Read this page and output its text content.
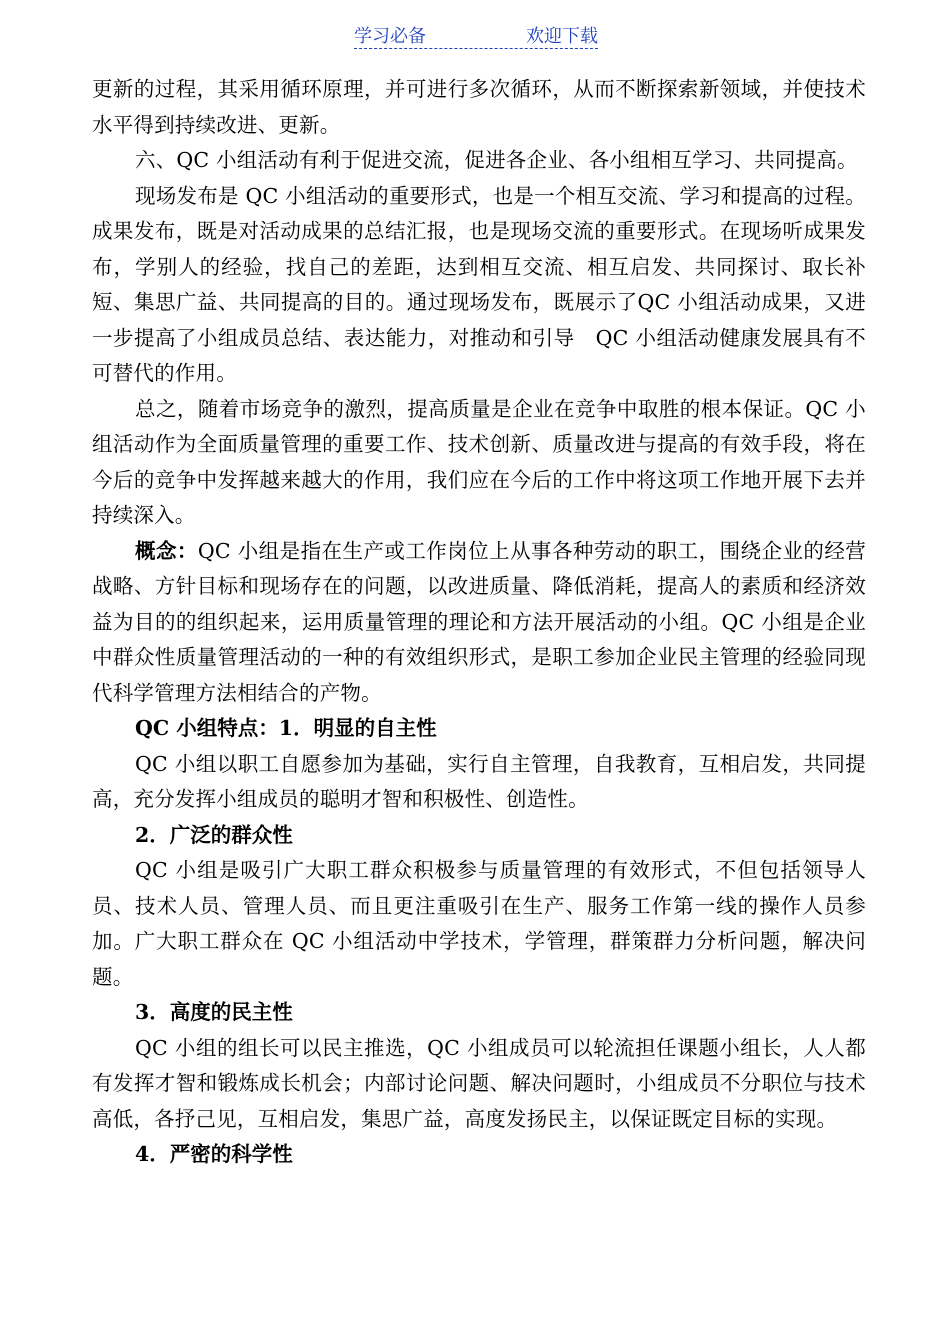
学习必备	欢迎下载

更新的过程，其采用循环原理，并可进行多次循环，从而不断探索新领域，并使技术水平得到持续改进、更新。

六、QC 小组活动有利于促进交流，促进各企业、各小组相互学习、共同提高。

现场发布是 QC 小组活动的重要形式，也是一个相互交流、学习和提高的过程。成果发布，既是对活动成果的总结汇报，也是现场交流的重要形式。在现场听成果发布，学别人的经验，找自己的差距，达到相互交流、相互启发、共同探讨、取长补短、集思广益、共同提高的目的。通过现场发布，既展示了QC 小组活动成果，又进一步提高了小组成员总结、表达能力，对推动和引导　QC 小组活动健康发展具有不可替代的作用。

总之，随着市场竞争的激烈，提高质量是企业在竞争中取胜的根本保证。QC 小组活动作为全面质量管理的重要工作、技术创新、质量改进与提高的有效手段，将在今后的竞争中发挥越来越大的作用，我们应在今后的工作中将这项工作地开展下去并持续深入。

概念：QC 小组是指在生产或工作岗位上从事各种劳动的职工，围绕企业的经营战略、方针目标和现场存在的问题，以改进质量、降低消耗，提高人的素质和经济效益为目的的组织起来，运用质量管理的理论和方法开展活动的小组。QC 小组是企业中群众性质量管理活动的一种的有效组织形式，是职工参加企业民主管理的经验同现代科学管理方法相结合的产物。

QC 小组特点：1．明显的自主性

QC 小组以职工自愿参加为基础，实行自主管理，自我教育，互相启发，共同提高，充分发挥小组成员的聪明才智和积极性、创造性。

2．广泛的群众性

QC 小组是吸引广大职工群众积极参与质量管理的有效形式，不但包括领导人员、技术人员、管理人员、而且更注重吸引在生产、服务工作第一线的操作人员参加。广大职工群众在 QC 小组活动中学技术，学管理，群策群力分析问题，解决问题。

3．高度的民主性

QC 小组的组长可以民主推选，QC 小组成员可以轮流担任课题小组长，人人都有发挥才智和锻炼成长机会；内部讨论问题、解决问题时，小组成员不分职位与技术高低，各抒己见，互相启发，集思广益，高度发扬民主，以保证既定目标的实现。

4．严密的科学性
